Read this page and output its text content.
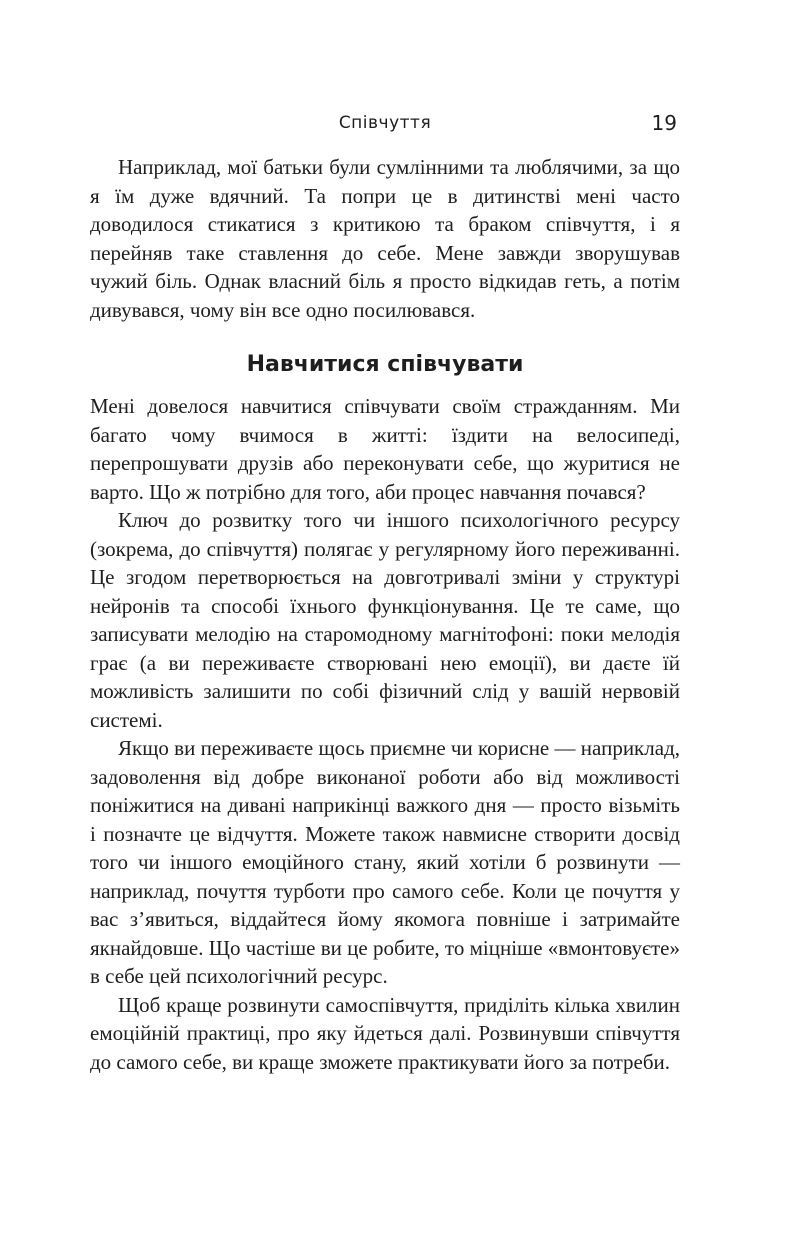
Співчуття	19

Наприклад, мої батьки були сумлінними та люблячими, за що я їм дуже вдячний. Та попри це в дитинстві мені часто доводилося стикатися з критикою та браком співчуття, і я перейняв таке ставлення до себе. Мене завжди зворушував чужий біль. Однак власний біль я просто відкидав геть, а потім дивувався, чому він все одно посилювався.

Навчитися співчувати

Мені довелося навчитися співчувати своїм стражданням. Ми багато чому вчимося в житті: їздити на велосипеді, перепрошувати друзів або переконувати себе, що журитися не варто. Що ж потрібно для того, аби процес навчання почався?

Ключ до розвитку того чи іншого психологічного ресурсу (зокрема, до співчуття) полягає у регулярному його переживанні. Це згодом перетворюється на довготривалі зміни у структурі нейронів та способі їхнього функціонування. Це те саме, що записувати мелодію на старомодному магнітофоні: поки мелодія грає (а ви переживаєте створювані нею емоції), ви даєте їй можливість залишити по собі фізичний слід у вашій нервовій системі.

Якщо ви переживаєте щось приємне чи корисне — наприклад, задоволення від добре виконаної роботи або від можливості поніжитися на дивані наприкінці важкого дня — просто візьміть і позначте це відчуття. Можете також навмисне створити досвід того чи іншого емоційного стану, який хотіли б розвинути — наприклад, почуття турботи про самого себе. Коли це почуття у вас з’явиться, віддайтеся йому якомога повніше і затримайте якнайдовше. Що частіше ви це робите, то міцніше «вмонтовуєте» в себе цей психологічний ресурс.

Щоб краще розвинути самоспівчуття, приділіть кілька хвилин емоційній практиці, про яку йдеться далі. Розвинувши співчуття до самого себе, ви краще зможете практикувати його за потреби.
